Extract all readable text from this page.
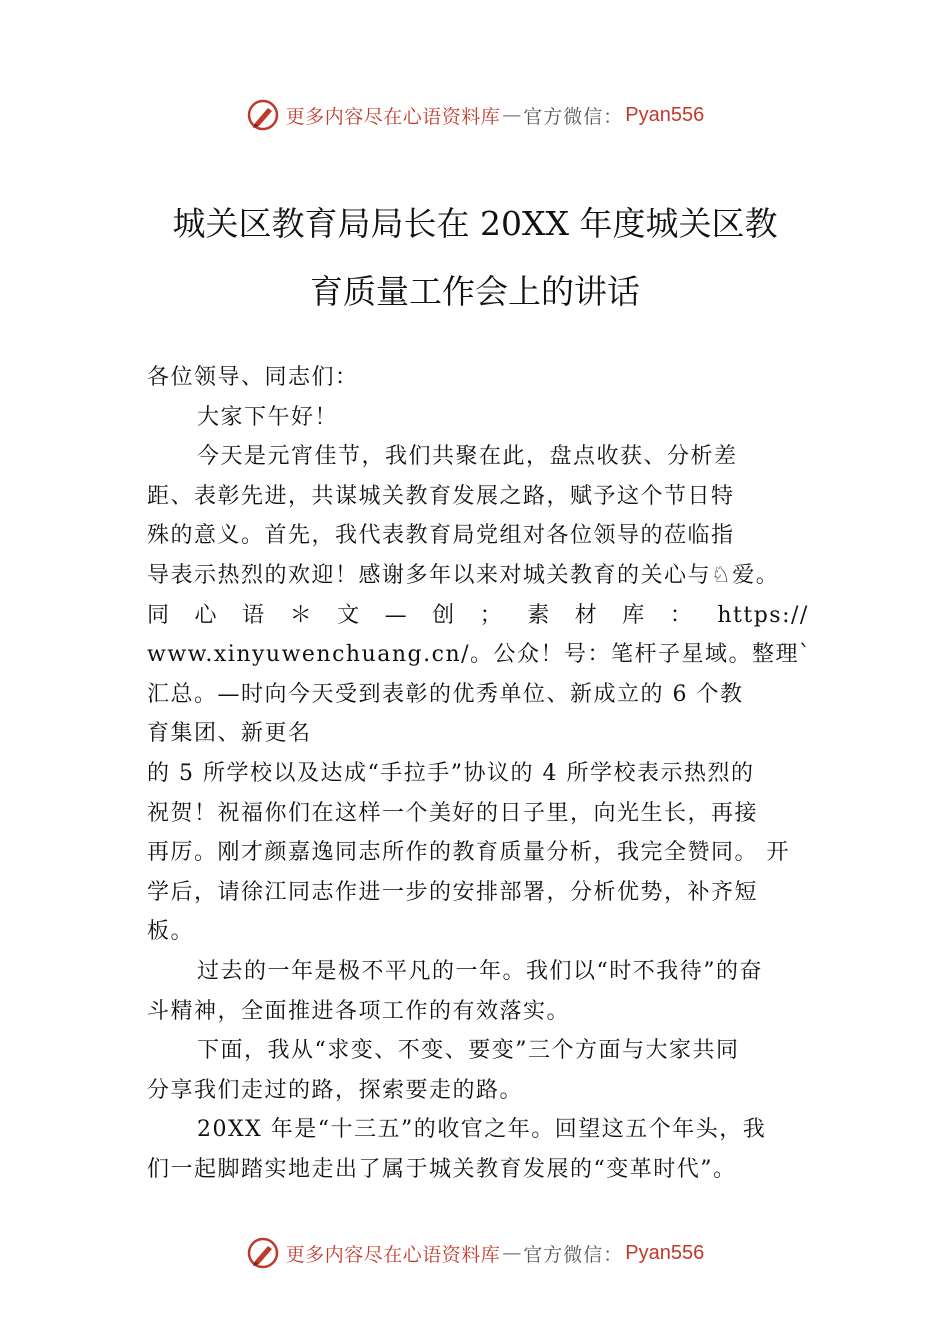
更多内容尽在心语资料库 — 官方微信： Pyan556
城关区教育局局长在 20XX 年度城关区教
育质量工作会上的讲话
各位领导、同志们：
大家下午好！
今天是元宵佳节，我们共聚在此，盘点收获、分析差
距、表彰先进，共谋城关教育发展之路，赋予这个节日特
殊的意义。首先，我代表教育局党组对各位领导的莅临指
导表示热烈的欢迎！感谢多年以来对城关教育的关心与♘爱。
同 心 语 ＊ 文 — 创 ； 素 材 库 ： https://
www.xinyuwenchuang.cn/。公众！号：笔杆子星域。整理`
汇总。—时向今天受到表彰的优秀单位、新成立的 6 个教
育集团、新更名
的 5 所学校以及达成“手拉手”协议的 4 所学校表示热烈的
祝贺！祝福你们在这样一个美好的日子里，向光生长，再接
再厉。刚才颜嘉逸同志所作的教育质量分析，我完全赞同。 开
学后，请徐江同志作进一步的安排部署，分析优势，补齐短
板。
过去的一年是极不平凡的一年。我们以“时不我待”的奋
斗精神，全面推进各项工作的有效落实。
下面，我从“求变、不变、要变”三个方面与大家共同
分享我们走过的路，探索要走的路。
20XX 年是“十三五”的收官之年。回望这五个年头，我
们一起脚踏实地走出了属于城关教育发展的“变革时代”。
更多内容尽在心语资料库 — 官方微信： Pyan556
